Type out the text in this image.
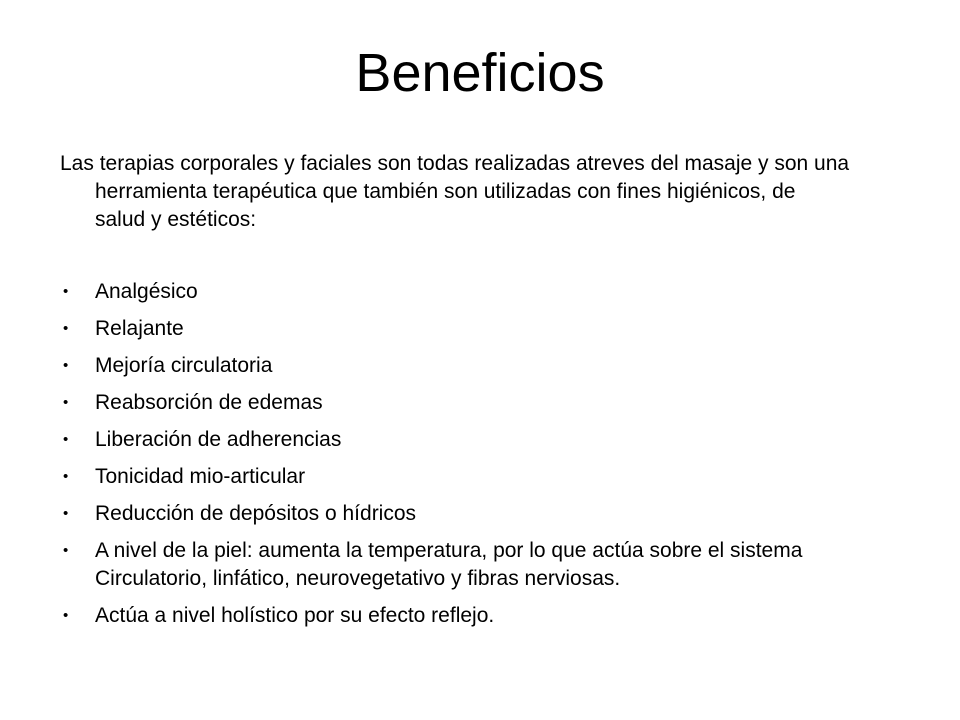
Beneficios

Las terapias corporales y faciales son todas realizadas atreves del masaje y son una herramienta terapéutica que también son utilizadas con fines higiénicos, de salud y estéticos:

• Analgésico
• Relajante
• Mejoría circulatoria
• Reabsorción de edemas
• Liberación de adherencias
• Tonicidad mio-articular
• Reducción de depósitos o hídricos
• A nivel de la piel: aumenta la temperatura, por lo que actúa sobre el sistema Circulatorio, linfático, neurovegetativo y fibras nerviosas.
• Actúa a nivel holístico por su efecto reflejo.
